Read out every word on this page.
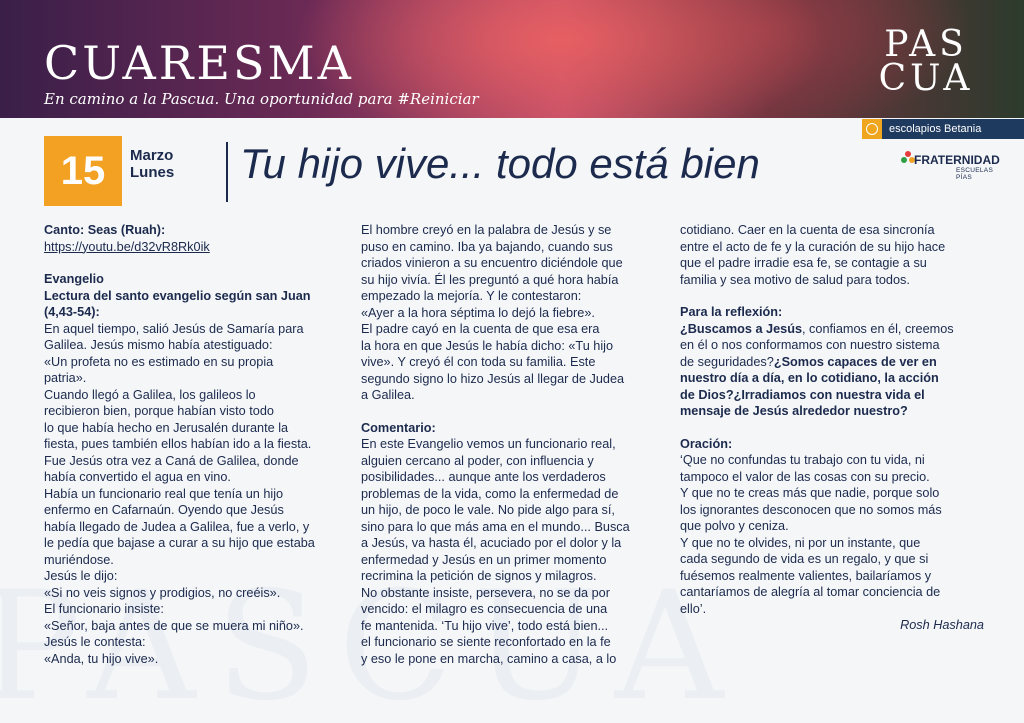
CUARESMA
En camino a la Pascua. Una oportunidad para #Reiniciar
PAS
CUA
escolapios Betania
15	Marzo
Lunes Tu hijo vive... todo está bien	FRATERNIDAD
ESCUELAS PÍAS

Canto: Seas (Ruah):

https://youtu.be/d32vR8Rk0ik

Evangelio

Lectura del santo evangelio según san Juan (4,43-54):

En aquel tiempo, salió Jesús de Samaría para

Galilea. Jesús mismo había atestiguado:

«Un profeta no es estimado en su propia

patria».

Cuando llegó a Galilea, los galileos lo

recibieron bien, porque habían visto todo

lo que había hecho en Jerusalén durante la

fiesta, pues también ellos habían ido a la fiesta.

Fue Jesús otra vez a Caná de Galilea, donde

había convertido el agua en vino.

Había un funcionario real que tenía un hijo

enfermo en Cafarnaún. Oyendo que Jesús

había llegado de Judea a Galilea, fue a verlo, y

le pedía que bajase a curar a su hijo que estaba

muriéndose.

Jesús le dijo:

«Si no veis signos y prodigios, no creéis».

El funcionario insiste:

«Señor, baja antes de que se muera mi niño».

Jesús le contesta:

«Anda, tu hijo vive».

El hombre creyó en la palabra de Jesús y se

puso en camino. Iba ya bajando, cuando sus

criados vinieron a su encuentro diciéndole que

su hijo vivía. Él les preguntó a qué hora había

empezado la mejoría. Y le contestaron:

«Ayer a la hora séptima lo dejó la fiebre».

El padre cayó en la cuenta de que esa era

la hora en que Jesús le había dicho: «Tu hijo

vive». Y creyó él con toda su familia. Este

segundo signo lo hizo Jesús al llegar de Judea

a Galilea.

Comentario:

En este Evangelio vemos un funcionario real,

alguien cercano al poder, con influencia y

posibilidades... aunque ante los verdaderos

problemas de la vida, como la enfermedad de

un hijo, de poco le vale. No pide algo para sí,

sino para lo que más ama en el mundo... Busca

a Jesús, va hasta él, acuciado por el dolor y la

enfermedad y Jesús en un primer momento

recrimina la petición de signos y milagros.

No obstante insiste, persevera, no se da por

vencido: el milagro es consecuencia de una

fe mantenida. ‘Tu hijo vive’, todo está bien...

el funcionario se siente reconfortado en la fe

y eso le pone en marcha, camino a casa, a lo

cotidiano. Caer en la cuenta de esa sincronía

entre el acto de fe y la curación de su hijo hace

que el padre irradie esa fe, se contagie a su

familia y sea motivo de salud para todos.

Para la reflexión:

¿Buscamos a Jesús, confiamos en él, creemos

en él o nos conformamos con nuestro sistema

de seguridades?¿Somos capaces de ver en

nuestro día a día, en lo cotidiano, la acción

de Dios?¿Irradiamos con nuestra vida el

mensaje de Jesús alrededor nuestro?

Oración:

‘Que no confundas tu trabajo con tu vida, ni

tampoco el valor de las cosas con su precio.

Y que no te creas más que nadie, porque solo

los ignorantes desconocen que no somos más

que polvo y ceniza.

Y que no te olvides, ni por un instante, que

cada segundo de vida es un regalo, y que si

fuésemos realmente valientes, bailaríamos y

cantaríamos de alegría al tomar conciencia de

ello’.

Rosh Hashana
